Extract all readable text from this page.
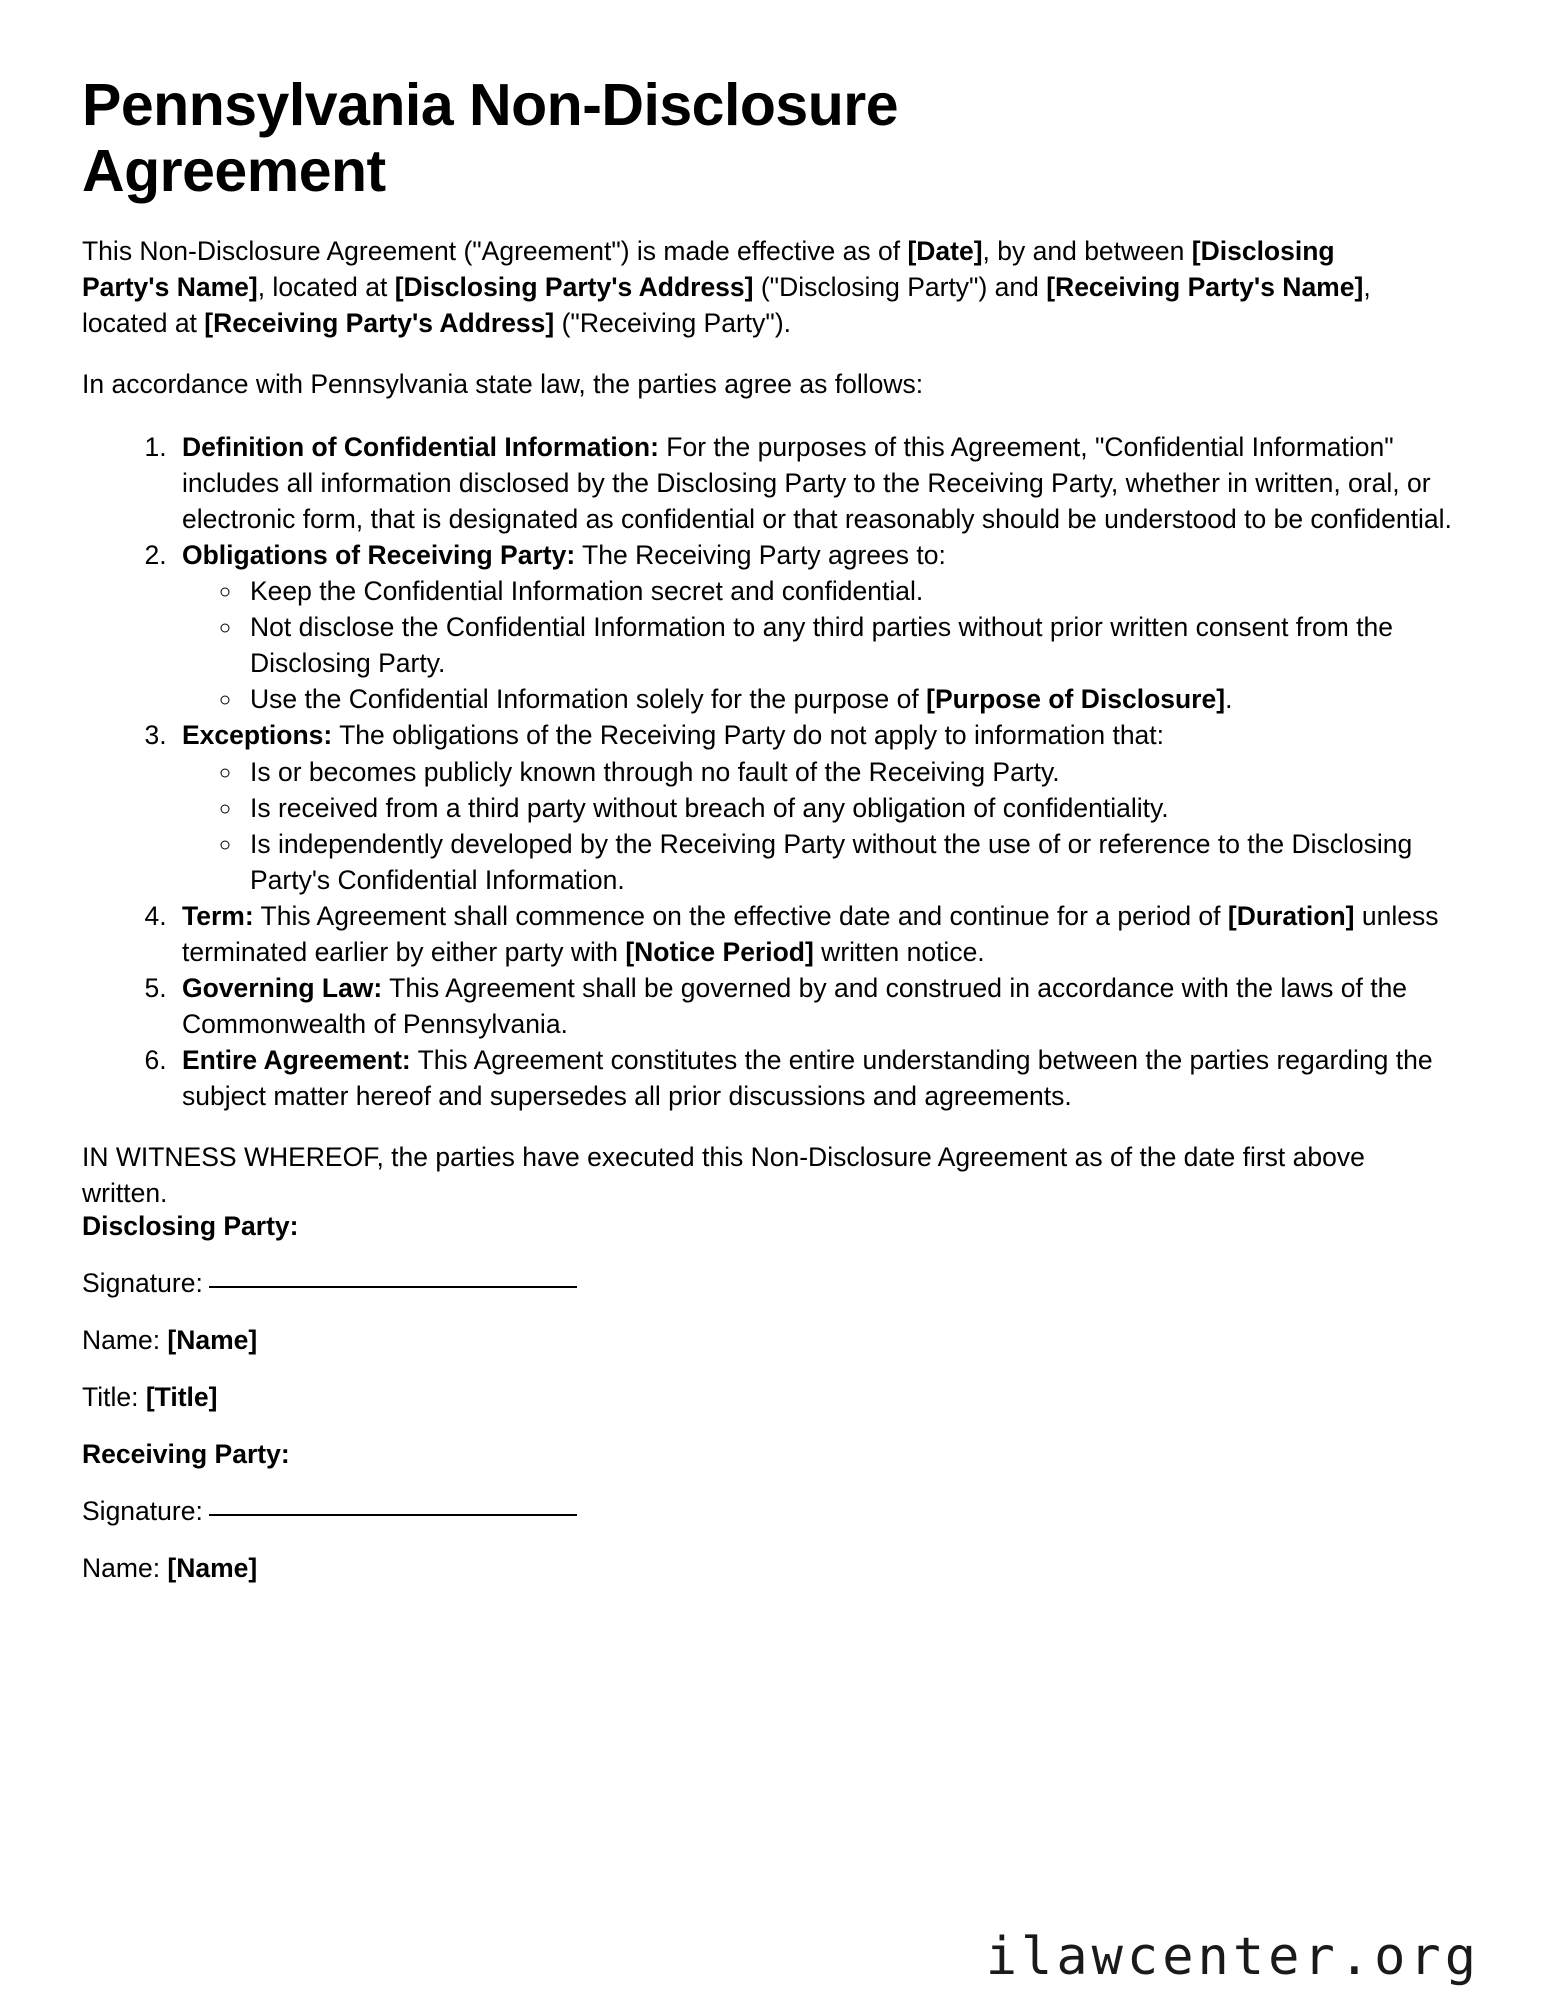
Pennsylvania Non-Disclosure Agreement

This Non-Disclosure Agreement ("Agreement") is made effective as of [Date], by and between [Disclosing Party's Name], located at [Disclosing Party's Address] ("Disclosing Party") and [Receiving Party's Name], located at [Receiving Party's Address] ("Receiving Party").

In accordance with Pennsylvania state law, the parties agree as follows:

1. Definition of Confidential Information: For the purposes of this Agreement, "Confidential Information" includes all information disclosed by the Disclosing Party to the Receiving Party, whether in written, oral, or electronic form, that is designated as confidential or that reasonably should be understood to be confidential.
2. Obligations of Receiving Party: The Receiving Party agrees to:
◦ Keep the Confidential Information secret and confidential.
◦ Not disclose the Confidential Information to any third parties without prior written consent from the Disclosing Party.
◦ Use the Confidential Information solely for the purpose of [Purpose of Disclosure].
3. Exceptions: The obligations of the Receiving Party do not apply to information that:
◦ Is or becomes publicly known through no fault of the Receiving Party.
◦ Is received from a third party without breach of any obligation of confidentiality.
◦ Is independently developed by the Receiving Party without the use of or reference to the Disclosing Party's Confidential Information.
4. Term: This Agreement shall commence on the effective date and continue for a period of [Duration] unless terminated earlier by either party with [Notice Period] written notice.
5. Governing Law: This Agreement shall be governed by and construed in accordance with the laws of the Commonwealth of Pennsylvania.
6. Entire Agreement: This Agreement constitutes the entire understanding between the parties regarding the subject matter hereof and supersedes all prior discussions and agreements.

IN WITNESS WHEREOF, the parties have executed this Non-Disclosure Agreement as of the date first above written.

Disclosing Party:
Signature:
Name: [Name]
Title: [Title]
Receiving Party:
Signature:
Name: [Name]
ilawcenter.org
